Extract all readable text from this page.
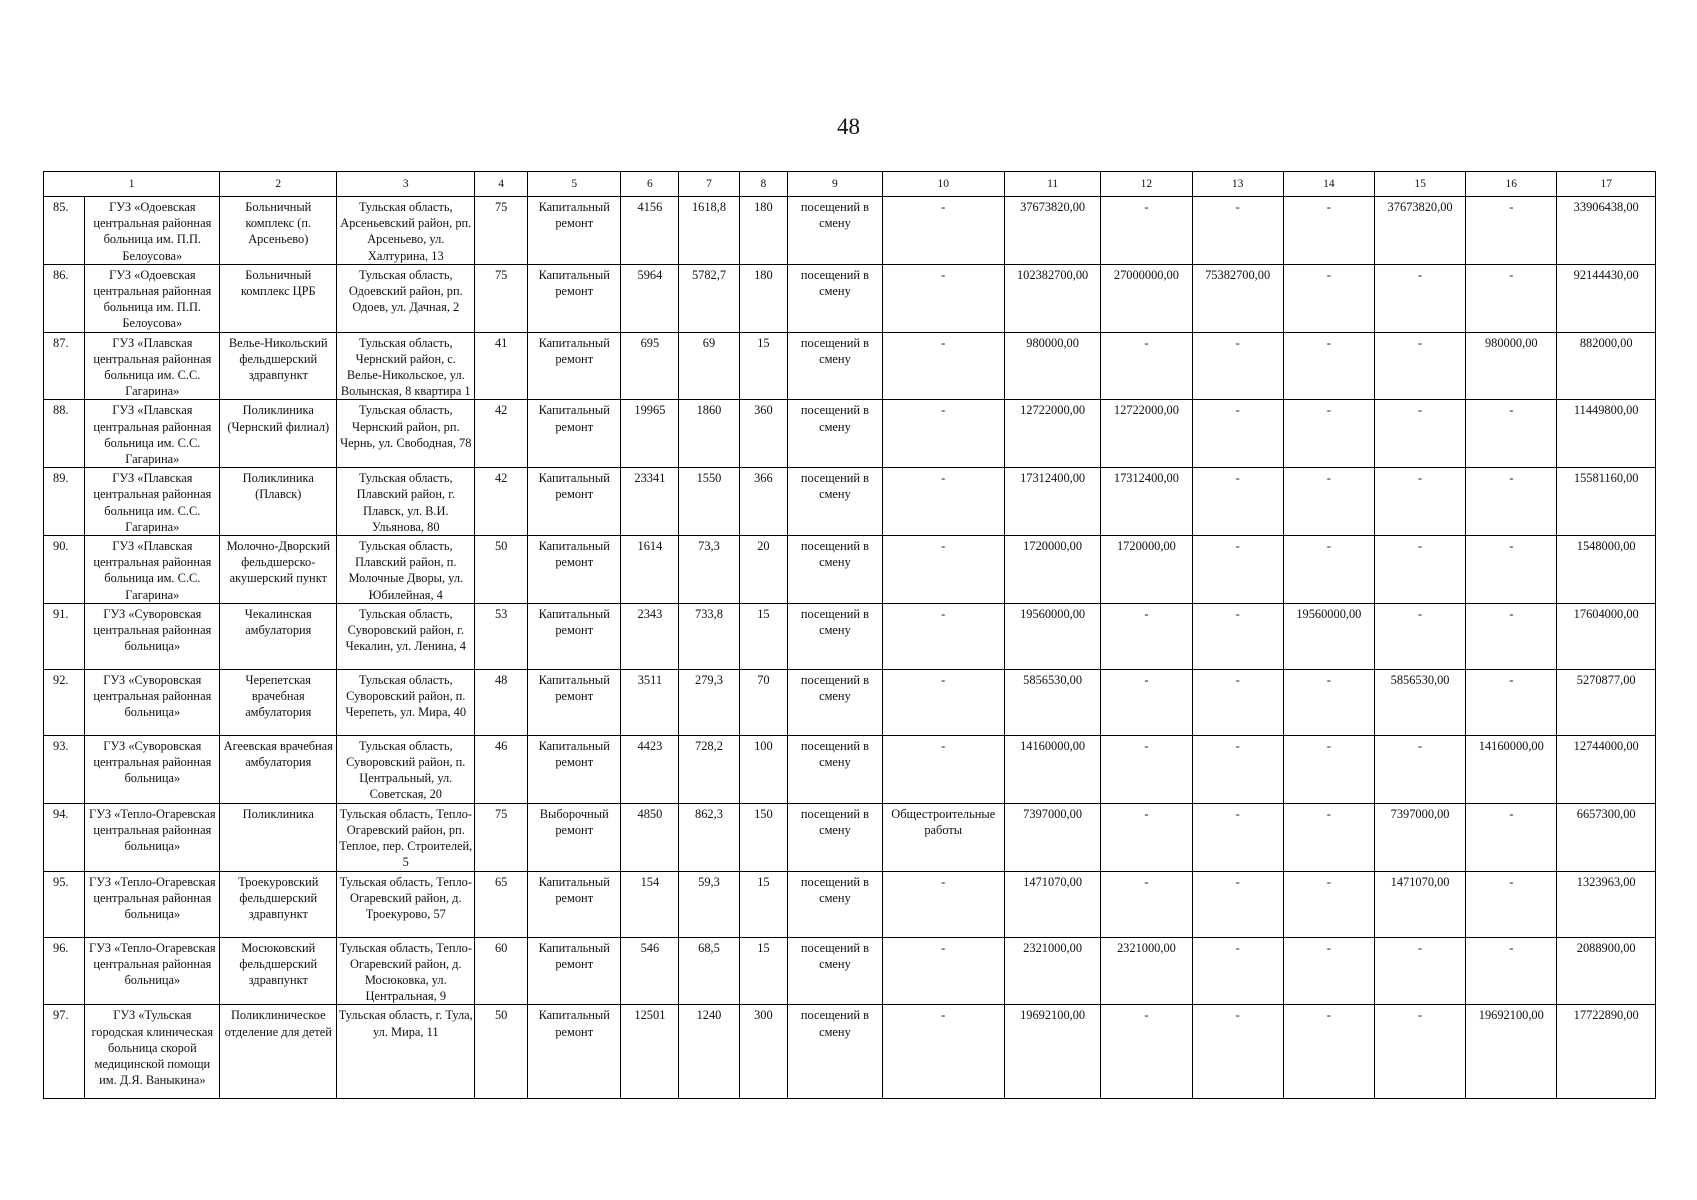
48
1		2	3	4	5	6	7	8	9	10	11	12	13	14	15	16	17
85.	ГУЗ «Одоевская центральная районная больница им. П.П. Белоусова»	Больничный комплекс (п. Арсеньево)	Тульская область, Арсеньевский район, рп. Арсеньево, ул. Халтурина, 13	75	Капитальный ремонт	4156	1618,8	180	посещений в смену	-	37673820,00	-	-	-	37673820,00	-	33906438,00
86.	ГУЗ «Одоевская центральная районная больница им. П.П. Белоусова»	Больничный комплекс ЦРБ	Тульская область, Одоевский район, рп. Одоев, ул. Дачная, 2	75	Капитальный ремонт	5964	5782,7	180	посещений в смену	-	102382700,00	27000000,00	75382700,00	-	-	-	92144430,00
87.	ГУЗ «Плавская центральная районная больница им. С.С. Гагарина»	Велье-Никольский фельдшерский здравпункт	Тульская область, Чернский район, с. Велье-Никольское, ул. Волынская, 8 квартира 1	41	Капитальный ремонт	695	69	15	посещений в смену	-	980000,00	-	-	-	-	980000,00	882000,00
88.	ГУЗ «Плавская центральная районная больница им. С.С. Гагарина»	Поликлиника (Чернский филиал)	Тульская область, Чернский район, рп. Чернь, ул. Свободная, 78	42	Капитальный ремонт	19965	1860	360	посещений в смену	-	12722000,00	12722000,00	-	-	-	-	11449800,00
89.	ГУЗ «Плавская центральная районная больница им. С.С. Гагарина»	Поликлиника (Плавск)	Тульская область, Плавский район, г. Плавск, ул. В.И. Ульянова, 80	42	Капитальный ремонт	23341	1550	366	посещений в смену	-	17312400,00	17312400,00	-	-	-	-	15581160,00
90.	ГУЗ «Плавская центральная районная больница им. С.С. Гагарина»	Молочно-Дворский фельдшерско-акушерский пункт	Тульская область, Плавский район, п. Молочные Дворы, ул. Юбилейная, 4	50	Капитальный ремонт	1614	73,3	20	посещений в смену	-	1720000,00	1720000,00	-	-	-	-	1548000,00
91.	ГУЗ «Суворовская центральная районная больница»	Чекалинская амбулатория	Тульская область, Суворовский район, г. Чекалин, ул. Ленина, 4	53	Капитальный ремонт	2343	733,8	15	посещений в смену	-	19560000,00	-	-	19560000,00	-	-	17604000,00
92.	ГУЗ «Суворовская центральная районная больница»	Черепетская врачебная амбулатория	Тульская область, Суворовский район, п. Черепеть, ул. Мира, 40	48	Капитальный ремонт	3511	279,3	70	посещений в смену	-	5856530,00	-	-	-	5856530,00	-	5270877,00
93.	ГУЗ «Суворовская центральная районная больница»	Агеевская врачебная амбулатория	Тульская область, Суворовский район, п. Центральный, ул. Советская, 20	46	Капитальный ремонт	4423	728,2	100	посещений в смену	-	14160000,00	-	-	-	-	14160000,00	12744000,00
94.	ГУЗ «Тепло-Огаревская центральная районная больница»	Поликлиника	Тульская область, Тепло-Огаревский район, рп. Теплое, пер. Строителей, 5	75	Выборочный ремонт	4850	862,3	150	посещений в смену	Общестроительные работы	7397000,00	-	-	-	7397000,00	-	6657300,00
95.	ГУЗ «Тепло-Огаревская центральная районная больница»	Троекуровский фельдшерский здравпункт	Тульская область, Тепло-Огаревский район, д. Троекурово, 57	65	Капитальный ремонт	154	59,3	15	посещений в смену	-	1471070,00	-	-	-	1471070,00	-	1323963,00
96.	ГУЗ «Тепло-Огаревская центральная районная больница»	Мосюковский фельдшерский здравпункт	Тульская область, Тепло-Огаревский район, д. Мосюковка, ул. Центральная, 9	60	Капитальный ремонт	546	68,5	15	посещений в смену	-	2321000,00	2321000,00	-	-	-	-	2088900,00
97.	ГУЗ «Тульская городская клиническая больница скорой медицинской помощи им. Д.Я. Ваныкина»	Поликлиническое отделение для детей	Тульская область, г. Тула, ул. Мира, 11	50	Капитальный ремонт	12501	1240	300	посещений в смену	-	19692100,00	-	-	-	-	19692100,00	17722890,00
